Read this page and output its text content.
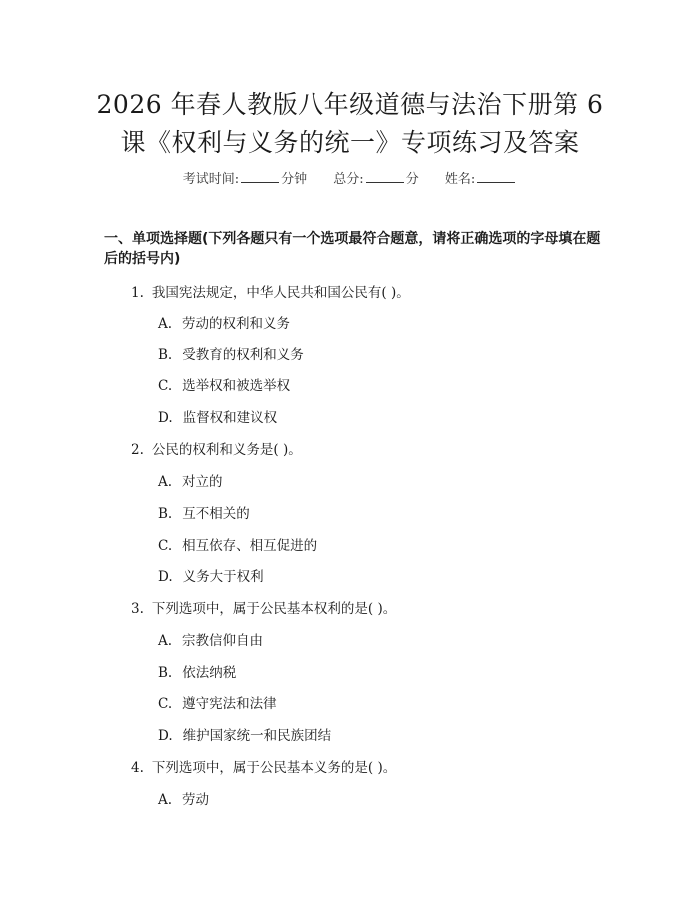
2026 年春人教版八年级道德与法治下册第 6 课《权利与义务的统一》专项练习及答案
考试时间:	分钟 总分:	分 姓名:
一、单项选择题(下列各题只有一个选项最符合题意，请将正确选项的字母填在题后的括号内)
1. 我国宪法规定，中华人民共和国公民有( )。
A. 劳动的权利和义务
B. 受教育的权利和义务
C. 选举权和被选举权
D. 监督权和建议权
2. 公民的权利和义务是( )。
A. 对立的
B. 互不相关的
C. 相互依存、相互促进的
D. 义务大于权利
3. 下列选项中，属于公民基本权利的是( )。
A. 宗教信仰自由
B. 依法纳税
C. 遵守宪法和法律
D. 维护国家统一和民族团结
4. 下列选项中，属于公民基本义务的是( )。
A. 劳动
